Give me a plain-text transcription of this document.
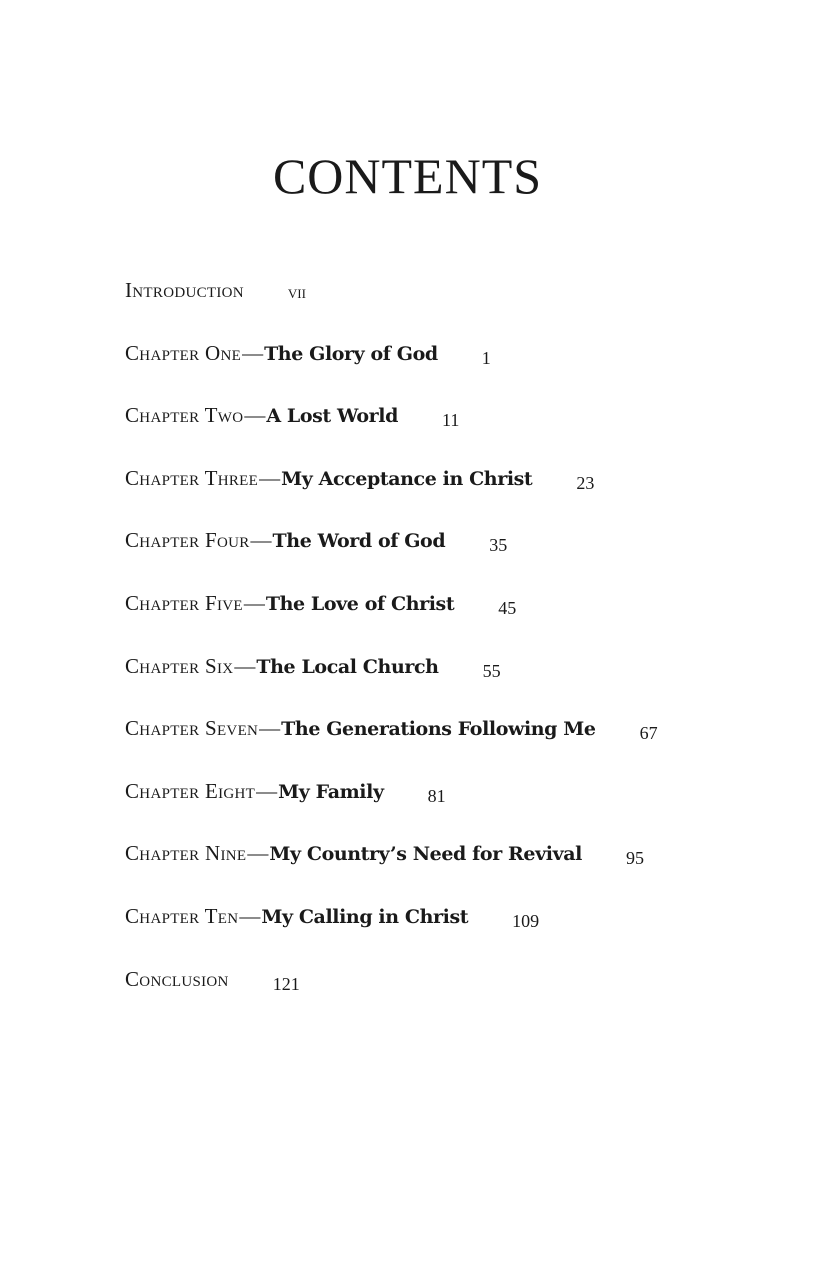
CONTENTS
Introduction vii
Chapter One—The Glory of God 1
Chapter Two—A Lost World 11
Chapter Three—My Acceptance in Christ 23
Chapter Four—The Word of God 35
Chapter Five—The Love of Christ 45
Chapter Six—The Local Church 55
Chapter Seven—The Generations Following Me 67
Chapter Eight—My Family 81
Chapter Nine—My Country’s Need for Revival 95
Chapter Ten—My Calling in Christ 109
Conclusion 121
